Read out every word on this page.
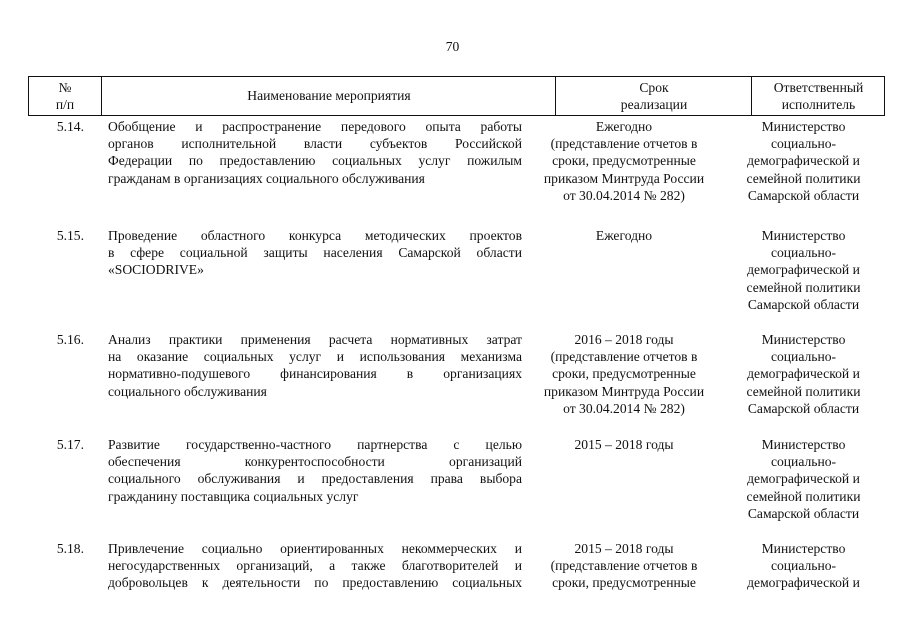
70
№
п/п
Наименование мероприятия
Срок
реализации
Ответственный
исполнитель
5.14. Обобщение и распространение передового опыта работы
органов исполнительной власти субъектов Российской
Федерации по предоставлению социальных услуг пожилым
гражданам в организациях социального обслуживания
Ежегодно
(представление отчетов в
сроки, предусмотренные
приказом Минтруда России
от 30.04.2014 № 282)
Министерство
социально-
демографической и
семейной политики
Самарской области
5.15. Проведение областного конкурса методических проектов
в сфере социальной защиты населения Самарской области
«SOCIODRIVE»
Ежегодно	Министерство
социально-
демографической и
семейной политики
Самарской области
5.16. Анализ практики применения расчета нормативных затрат
на оказание социальных услуг и использования механизма
нормативно-подушевого финансирования в организациях
социального обслуживания
2016 – 2018 годы
(представление отчетов в
сроки, предусмотренные
приказом Минтруда России
от 30.04.2014 № 282)
Министерство
социально-
демографической и
семейной политики
Самарской области
5.17. Развитие государственно-частного партнерства с целью
обеспечения конкурентоспособности организаций
социального обслуживания и предоставления права выбора
гражданину поставщика социальных услуг
2015 – 2018 годы	Министерство
социально-
демографической и
семейной политики
Самарской области
5.18. Привлечение социально ориентированных некоммерческих и
негосударственных организаций, а также благотворителей и
добровольцев к деятельности по предоставлению социальных
2015 – 2018 годы
(представление отчетов в
сроки, предусмотренные
Министерство
социально-
демографической и
